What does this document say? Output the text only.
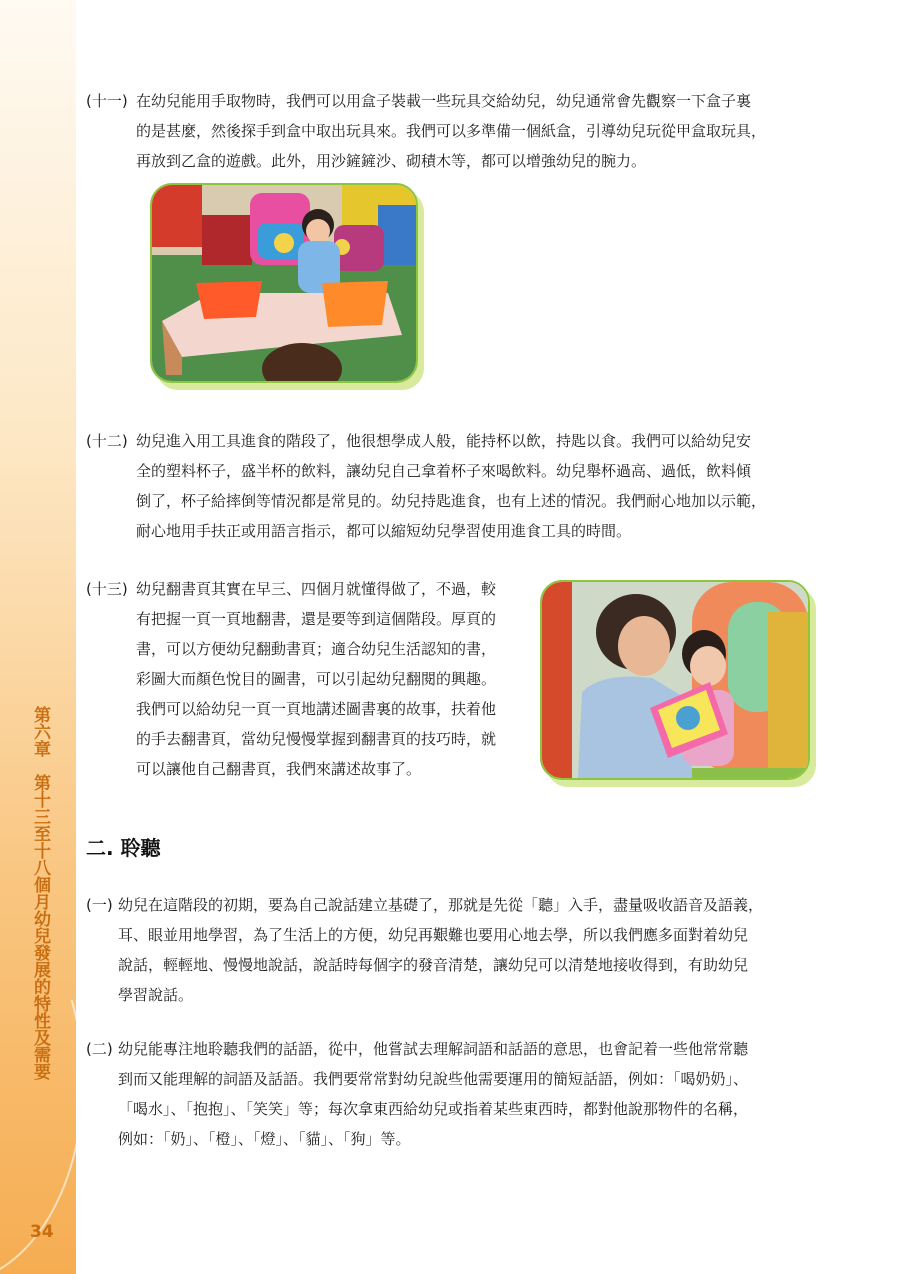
第六章　第十三至十八個月幼兒發展的特性及需要
34
(十一) 在幼兒能用手取物時，我們可以用盒子裝載一些玩具交給幼兒，幼兒通常會先觀察一下盒子裏
的是甚麼，然後探手到盒中取出玩具來。我們可以多準備一個紙盒，引導幼兒玩從甲盒取玩具，
再放到乙盒的遊戲。此外，用沙鏟鏟沙、砌積木等，都可以增強幼兒的腕力。
(十二) 幼兒進入用工具進食的階段了，他很想學成人般，能持杯以飲，持匙以食。我們可以給幼兒安
全的塑料杯子，盛半杯的飲料，讓幼兒自己拿着杯子來喝飲料。幼兒舉杯過高、過低，飲料傾
倒了，杯子給摔倒等情況都是常見的。幼兒持匙進食，也有上述的情況。我們耐心地加以示範，
耐心地用手扶正或用語言指示，都可以縮短幼兒學習使用進食工具的時間。
(十三) 幼兒翻書頁其實在早三、四個月就懂得做了，不過，較
有把握一頁一頁地翻書，還是要等到這個階段。厚頁的
書，可以方便幼兒翻動書頁；適合幼兒生活認知的書，
彩圖大而顏色悅目的圖書，可以引起幼兒翻閱的興趣。
我們可以給幼兒一頁一頁地講述圖書裏的故事，扶着他
的手去翻書頁，當幼兒慢慢掌握到翻書頁的技巧時，就
可以讓他自己翻書頁，我們來講述故事了。
二. 聆聽
(一) 幼兒在這階段的初期，要為自己說話建立基礎了，那就是先從「聽」入手，盡量吸收語音及語義，
耳、眼並用地學習，為了生活上的方便，幼兒再艱難也要用心地去學，所以我們應多面對着幼兒
說話，輕輕地、慢慢地說話，說話時每個字的發音清楚，讓幼兒可以清楚地接收得到，有助幼兒
學習說話。
(二) 幼兒能專注地聆聽我們的話語，從中，他嘗試去理解詞語和話語的意思，也會記着一些他常常聽
到而又能理解的詞語及話語。我們要常常對幼兒說些他需要運用的簡短話語，例如：「喝奶奶」、
「喝水」、「抱抱」、「笑笑」等；每次拿東西給幼兒或指着某些東西時，都對他說那物件的名稱，
例如：「奶」、「橙」、「燈」、「貓」、「狗」等。
